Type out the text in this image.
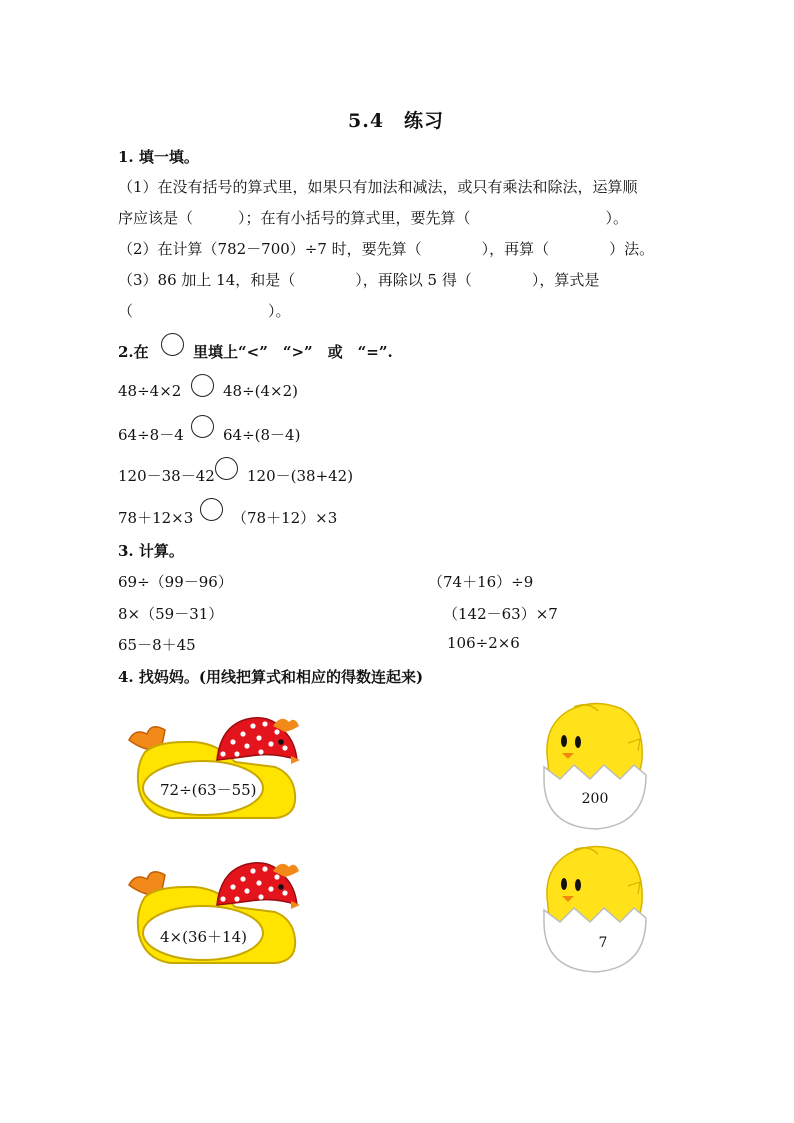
5.4　练习
1. 填一填。
（1）在没有括号的算式里，如果只有加法和减法，或只有乘法和除法，运算顺
序应该是（　　　）；在有小括号的算式里，要先算（　　　　　　　　　）。
（2）在计算（782－700）÷7 时，要先算（　　　　），再算（　　　　）法。
（3）86 加上 14，和是（　　　　），再除以 5 得（　　　　），算式是
（　　　　　　　　　）。
2.在	里填上“<”　“>”　或　“=”.
48÷4×2	48÷(4×2)
64÷8－4	64÷(8－4)
120－38－42 120－(38+42)
78＋12×3	（78＋12）×3
3. 计算。
69÷（99－96）	（74＋16）÷9
8×（59－31）	（142－63）×7
65－8＋45	106÷2×6
4. 找妈妈。(用线把算式和相应的得数连起来)
72÷(63－55)
4×(36＋14)
200
7
